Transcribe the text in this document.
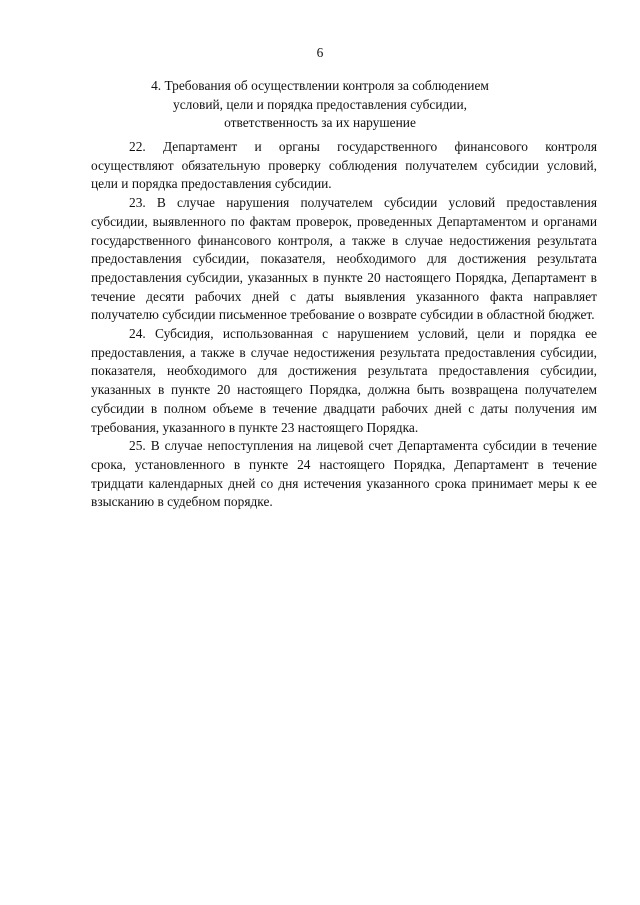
6
4. Требования об осуществлении контроля за соблюдением
условий, цели и порядка предоставления субсидии,
ответственность за их нарушение

22. Департамент и органы государственного финансового контроля осуществляют обязательную проверку соблюдения получателем субсидии условий, цели и порядка предоставления субсидии.

23. В случае нарушения получателем субсидии условий предоставления субсидии, выявленного по фактам проверок, проведенных Департаментом и органами государственного финансового контроля, а также в случае недостижения результата предоставления субсидии, показателя, необходимого для достижения результата предоставления субсидии, указанных в пункте 20 настоящего Порядка, Департамент в течение десяти рабочих дней с даты выявления указанного факта направляет получателю субсидии письменное требование о возврате субсидии в областной бюджет.

24. Субсидия, использованная с нарушением условий, цели и порядка ее предоставления, а также в случае недостижения результата предоставления субсидии, показателя, необходимого для достижения результата предоставления субсидии, указанных в пункте 20 настоящего Порядка, должна быть возвращена получателем субсидии в полном объеме в течение двадцати рабочих дней с даты получения им требования, указанного в пункте 23 настоящего Порядка.

25. В случае непоступления на лицевой счет Департамента субсидии в течение срока, установленного в пункте 24 настоящего Порядка, Департамент в течение тридцати календарных дней со дня истечения указанного срока принимает меры к ее взысканию в судебном порядке.
